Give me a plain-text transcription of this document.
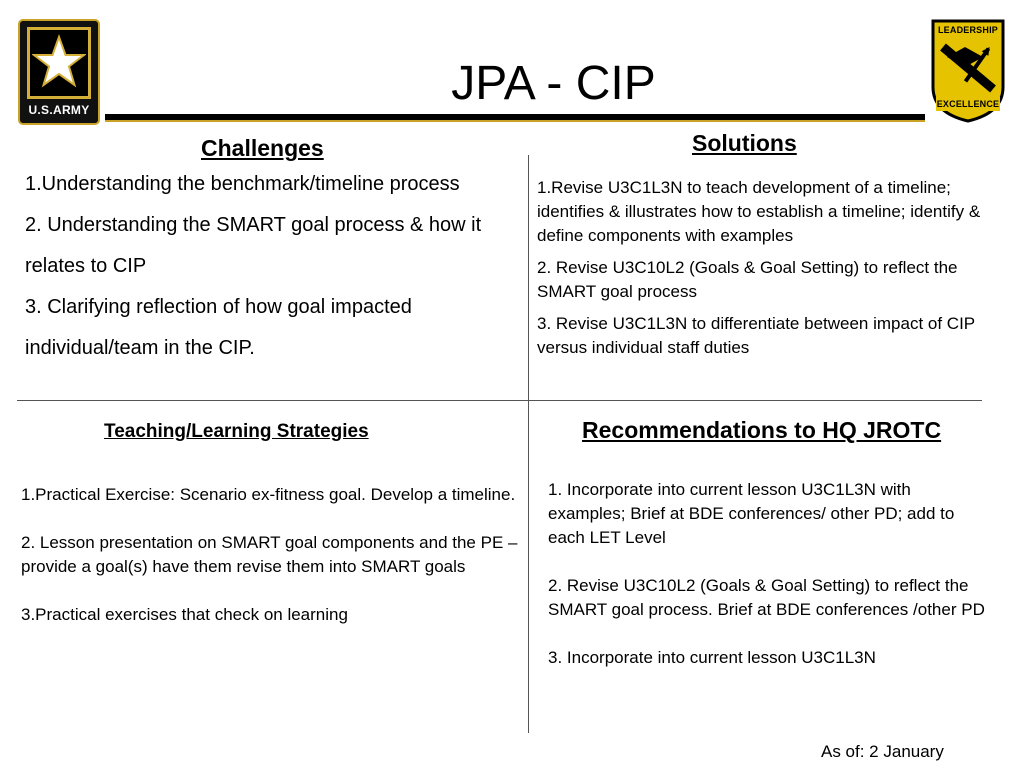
U.S.ARMY
LEADERSHIP
EXCELLENCE
JPA - CIP
Challenges	Solutions
Teaching/Learning Strategies	Recommendations to HQ JROTC

1.Understanding the benchmark/timeline process

2. Understanding the SMART goal process & how it relates to CIP

3. Clarifying reflection of how goal impacted individual/team in the CIP.

1.Revise U3C1L3N to teach development of a timeline; identifies & illustrates how to establish a timeline; identify & define components with examples

2. Revise U3C10L2 (Goals & Goal Setting) to reflect the SMART goal process

3. Revise U3C1L3N to differentiate between impact of CIP versus individual staff duties

1.Practical Exercise: Scenario ex-fitness goal. Develop a timeline.

2. Lesson presentation on SMART goal components and the PE – provide a goal(s) have them revise them into SMART goals

3.Practical exercises that check on learning

1. Incorporate into current lesson U3C1L3N with examples; Brief at BDE conferences/ other PD; add to each LET Level

2. Revise U3C10L2 (Goals & Goal Setting) to reflect the SMART goal process. Brief at BDE conferences /other PD

3. Incorporate into current lesson U3C1L3N

As of: 2 January
